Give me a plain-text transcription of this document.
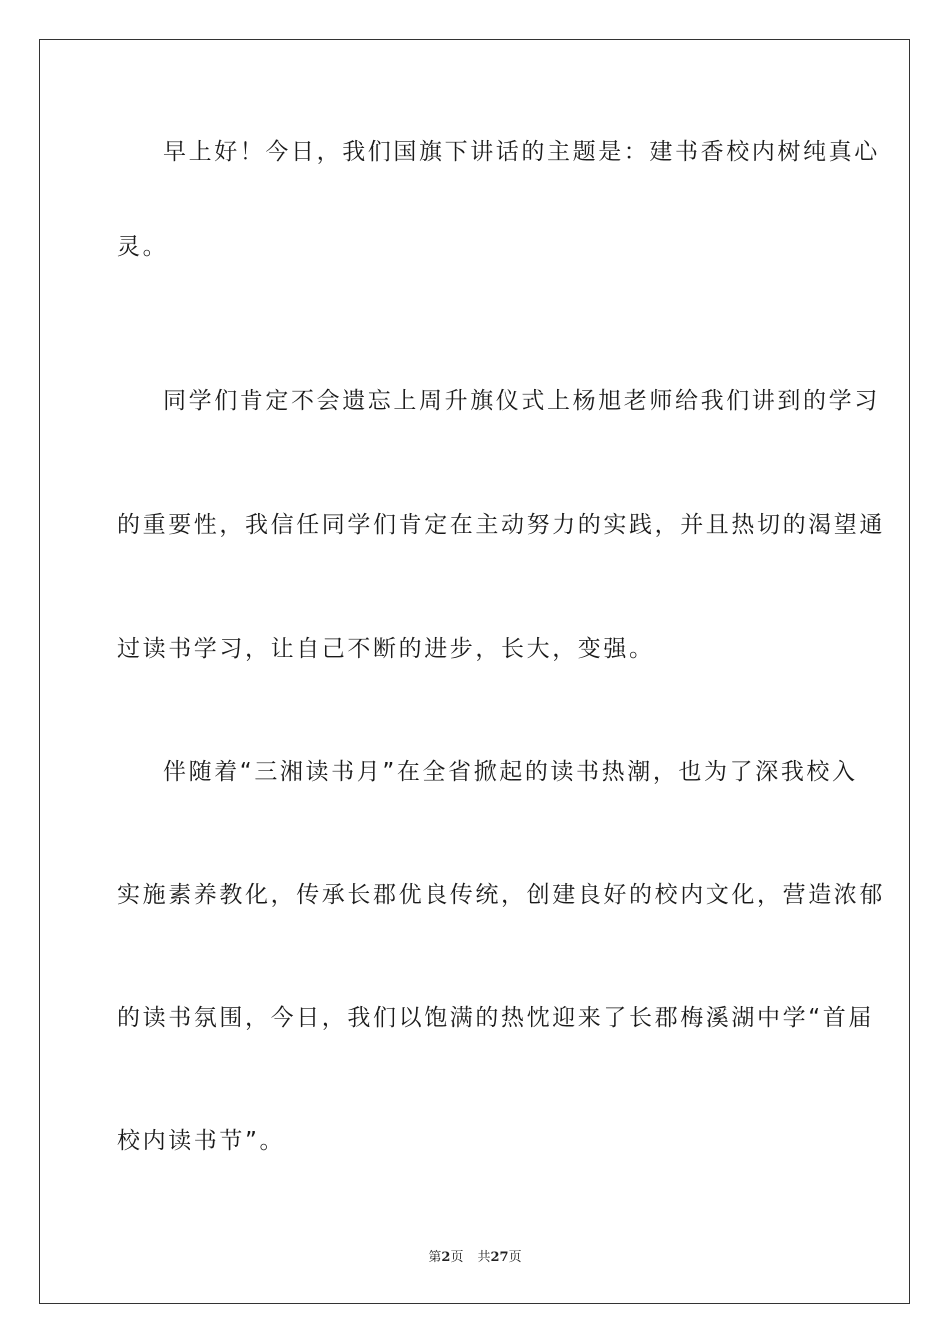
早上好！今日，我们国旗下讲话的主题是：建书香校内树纯真心
灵。
同学们肯定不会遗忘上周升旗仪式上杨旭老师给我们讲到的学习
的重要性，我信任同学们肯定在主动努力的实践，并且热切的渴望通
过读书学习，让自己不断的进步，长大，变强。
伴随着“三湘读书月”在全省掀起的读书热潮，也为了深我校入
实施素养教化，传承长郡优良传统，创建良好的校内文化，营造浓郁
的读书氛围，今日，我们以饱满的热忱迎来了长郡梅溪湖中学“首届
校内读书节”。
第2页 共27页
